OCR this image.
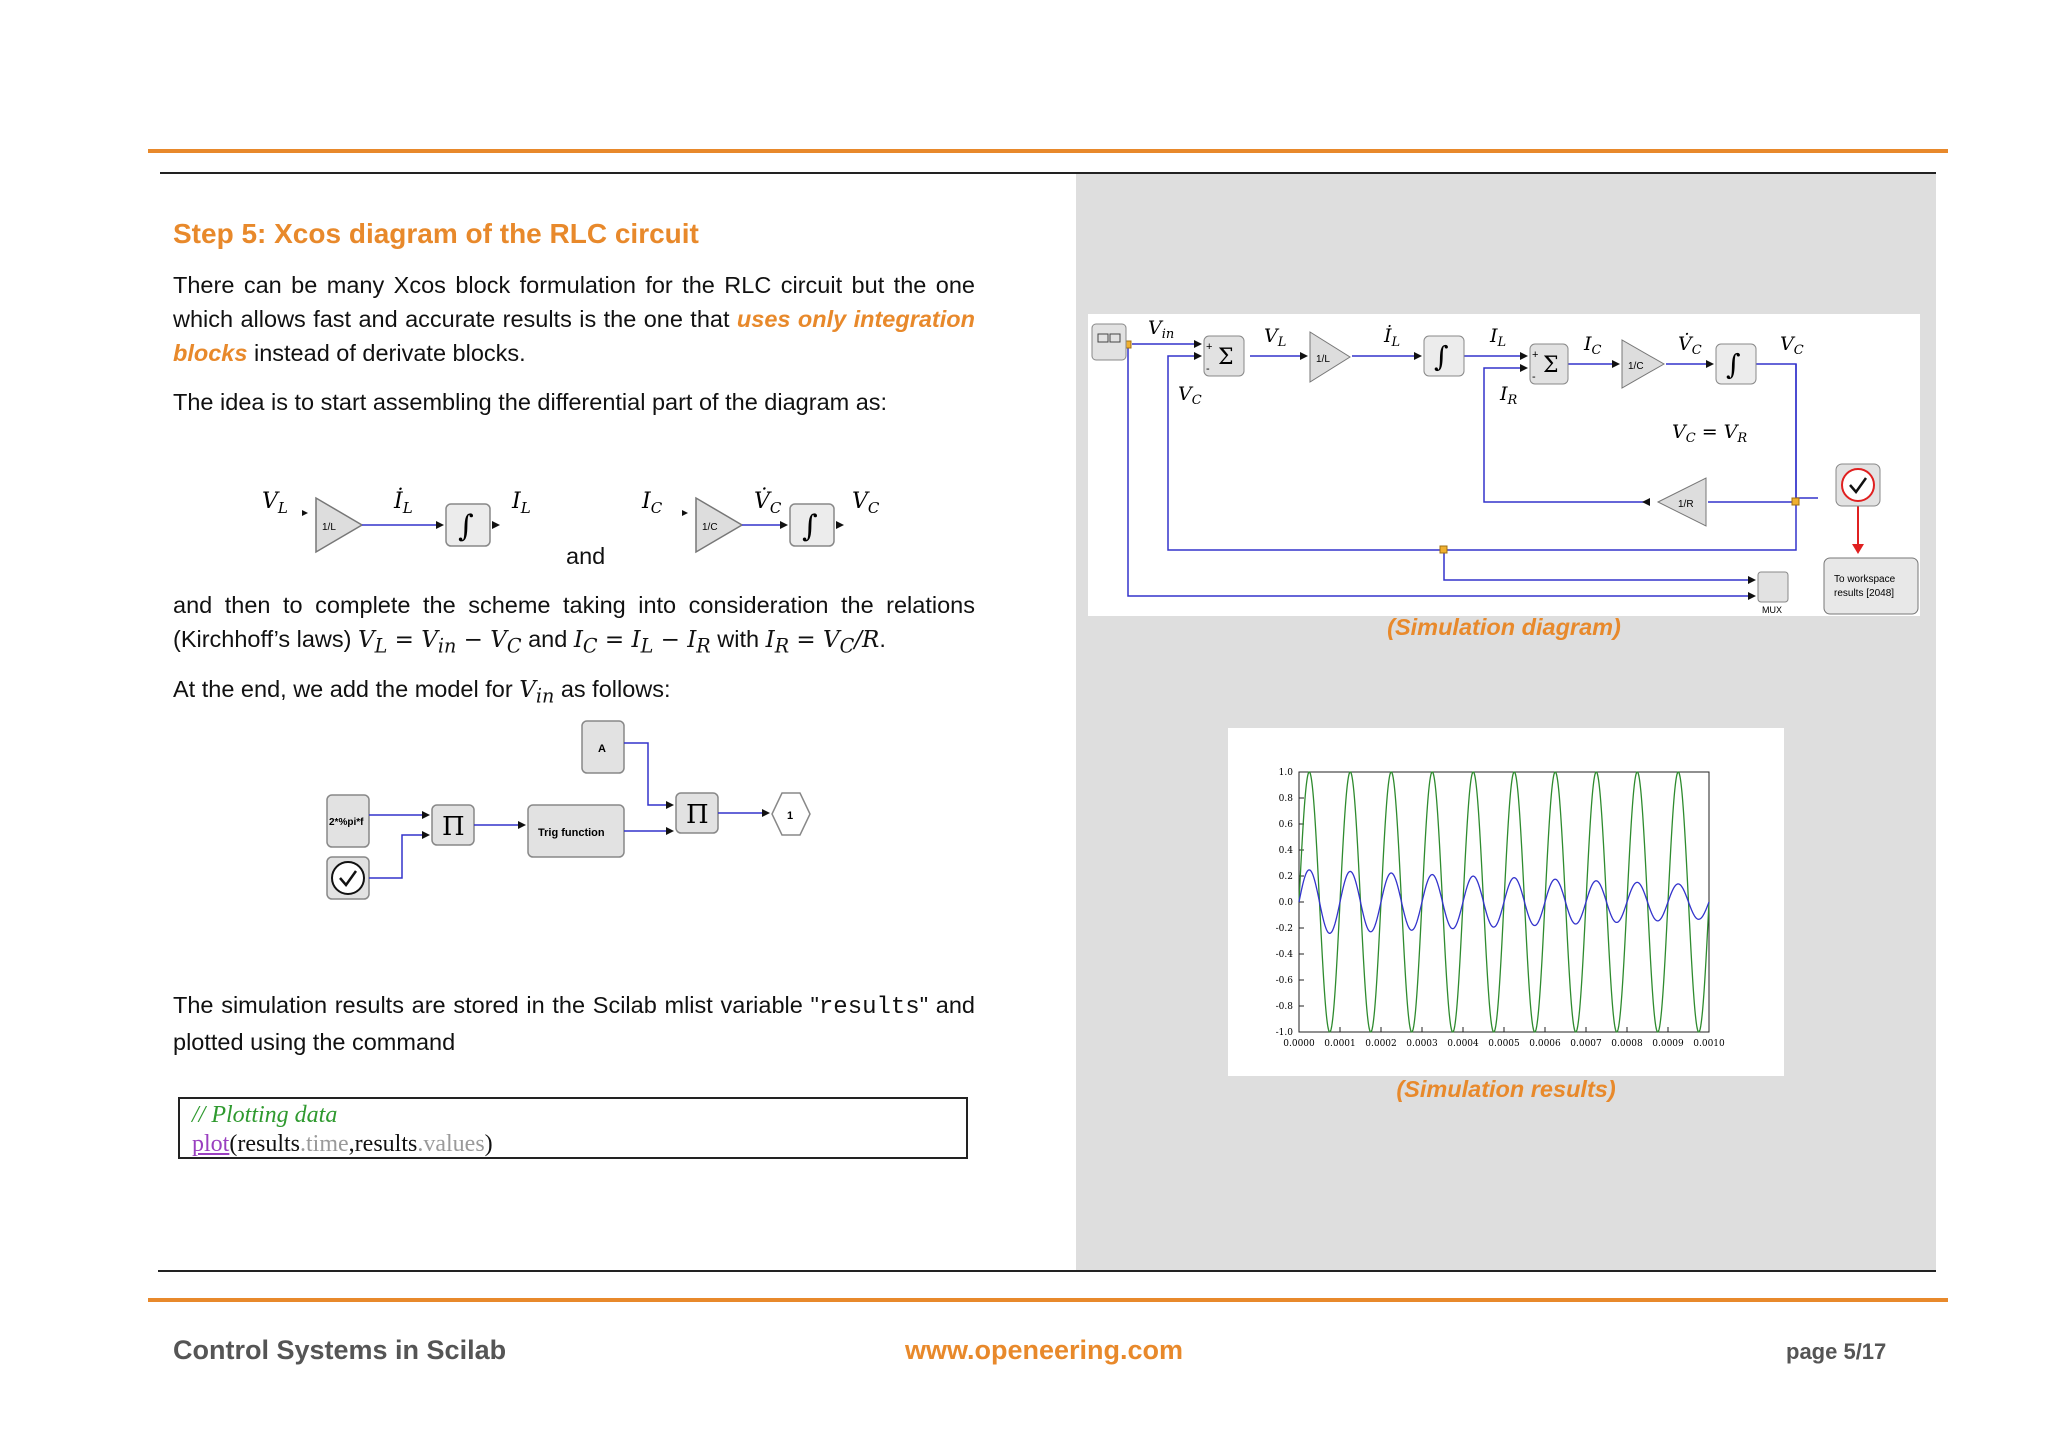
Step 5: Xcos diagram of the RLC circuit

There can be many Xcos block formulation for the RLC circuit but the one which allows fast and accurate results is the one that uses only integration blocks instead of derivate blocks.

The idea is to start assembling the differential part of the diagram as:

$V_L$
1/L
$İ_L$
∫
$I_L$	$I_C$
1/C
$V̇_C$
∫
$V_C$
and

and then to complete the scheme taking into consideration the relations (Kirchhoff’s laws) $V_L = V_{in} - V_C$ and $I_C = I_L - I_R$ with $I_R = V_C/R$.

At the end, we add the model for $V_{in}$ as follows:

A
2*%pi*f	Π	Trig function
Π	1

The simulation results are stored in the Scilab mlist variable "results" and plotted using the command

// Plotting data
plot(results.time,results.values)
Σ
+
-
1/L	∫	Σ
+
-
1/C	∫
1/R
MUX
To workspace
results [2048]
$V_{in}$	$V_L$	$İ_L$	$I_L$	$I_C$	$V̇_C$	$V_C$
$V_C$	$I_R$
$V_C = V_R$
(Simulation diagram)
1.0
0.8
0.6
0.4
0.2
0.0
-0.2
-0.4
-0.6
-0.8
-1.0
0.0000 0.0001 0.0002 0.0003 0.0004 0.0005 0.0006 0.0007 0.0008 0.0009 0.0010
(Simulation results)
Control Systems in Scilab	www.openeering.com	page 5/17
